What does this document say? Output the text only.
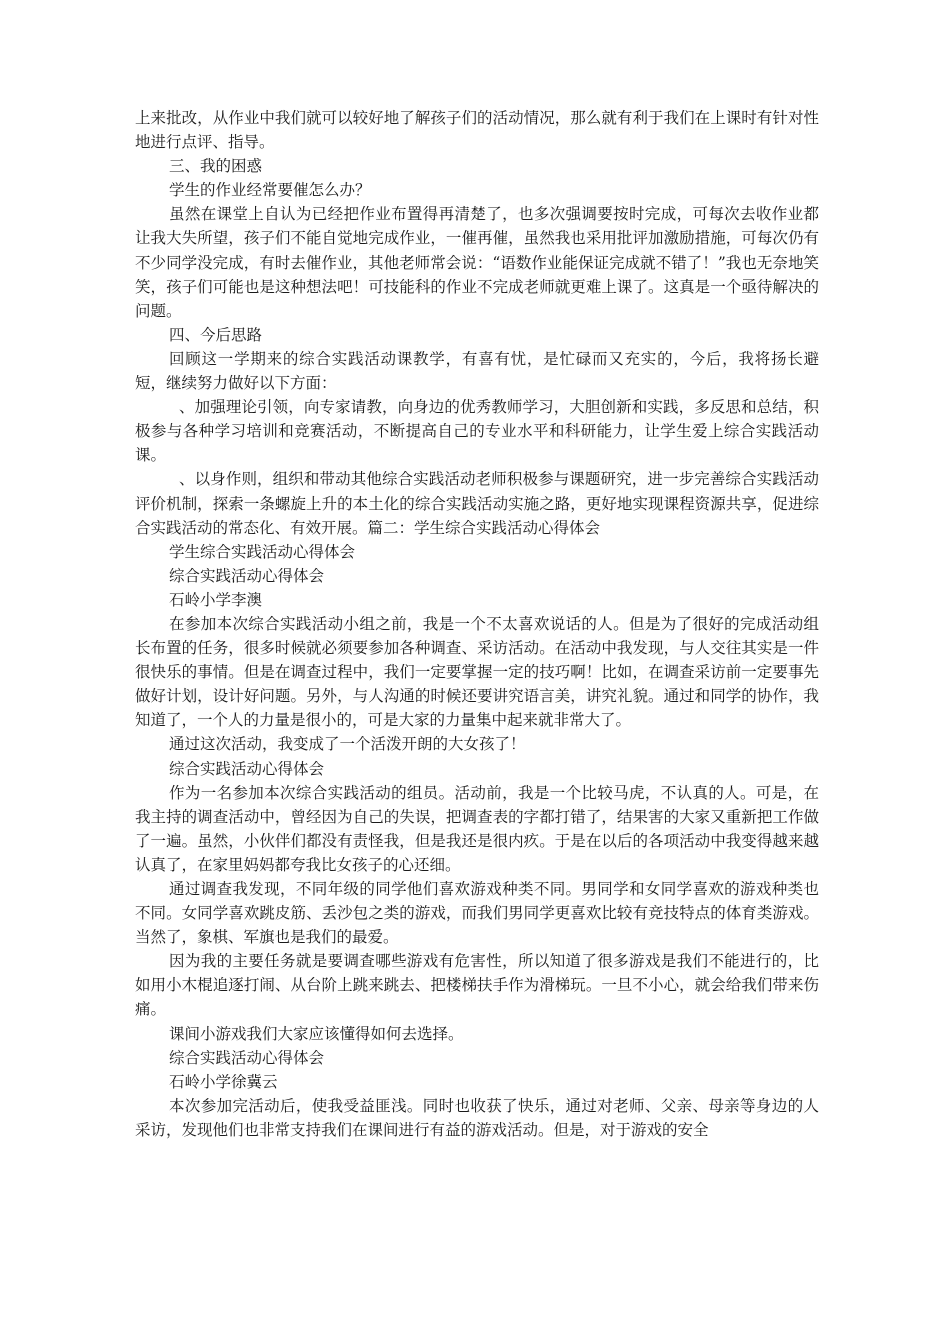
上来批改，从作业中我们就可以较好地了解孩子们的活动情况，那么就有利于我们在上课时有针对性地进行点评、指导。

三、我的困惑

学生的作业经常要催怎么办？

虽然在课堂上自认为已经把作业布置得再清楚了，也多次强调要按时完成，可每次去收作业都让我大失所望，孩子们不能自觉地完成作业，一催再催，虽然我也采用批评加激励措施，可每次仍有不少同学没完成，有时去催作业，其他老师常会说：“语数作业能保证完成就不错了！”我也无奈地笑笑，孩子们可能也是这种想法吧！可技能科的作业不完成老师就更难上课了。这真是一个亟待解决的问题。

四、今后思路

回顾这一学期来的综合实践活动课教学，有喜有忧，是忙碌而又充实的，今后，我将扬长避短，继续努力做好以下方面：

、加强理论引领，向专家请教，向身边的优秀教师学习，大胆创新和实践，多反思和总结，积极参与各种学习培训和竞赛活动，不断提高自己的专业水平和科研能力，让学生爱上综合实践活动课。

、以身作则，组织和带动其他综合实践活动老师积极参与课题研究，进一步完善综合实践活动评价机制，探索一条螺旋上升的本土化的综合实践活动实施之路，更好地实现课程资源共享，促进综合实践活动的常态化、有效开展。篇二：学生综合实践活动心得体会

学生综合实践活动心得体会

综合实践活动心得体会

石岭小学李澳

在参加本次综合实践活动小组之前，我是一个不太喜欢说话的人。但是为了很好的完成活动组长布置的任务，很多时候就必须要参加各种调查、采访活动。在活动中我发现，与人交往其实是一件很快乐的事情。但是在调查过程中，我们一定要掌握一定的技巧啊！比如，在调查采访前一定要事先做好计划，设计好问题。另外，与人沟通的时候还要讲究语言美，讲究礼貌。通过和同学的协作，我知道了，一个人的力量是很小的，可是大家的力量集中起来就非常大了。

通过这次活动，我变成了一个活泼开朗的大女孩了！

综合实践活动心得体会

作为一名参加本次综合实践活动的组员。活动前，我是一个比较马虎，不认真的人。可是，在我主持的调查活动中，曾经因为自己的失误，把调查表的字都打错了，结果害的大家又重新把工作做了一遍。虽然，小伙伴们都没有责怪我，但是我还是很内疚。于是在以后的各项活动中我变得越来越认真了，在家里妈妈都夸我比女孩子的心还细。

通过调查我发现，不同年级的同学他们喜欢游戏种类不同。男同学和女同学喜欢的游戏种类也不同。女同学喜欢跳皮筋、丢沙包之类的游戏，而我们男同学更喜欢比较有竞技特点的体育类游戏。当然了，象棋、军旗也是我们的最爱。

因为我的主要任务就是要调查哪些游戏有危害性，所以知道了很多游戏是我们不能进行的，比如用小木棍追逐打闹、从台阶上跳来跳去、把楼梯扶手作为滑梯玩。一旦不小心，就会给我们带来伤痛。

课间小游戏我们大家应该懂得如何去选择。

综合实践活动心得体会

石岭小学徐冀云

本次参加完活动后，使我受益匪浅。同时也收获了快乐，通过对老师、父亲、母亲等身边的人采访，发现他们也非常支持我们在课间进行有益的游戏活动。但是，对于游戏的安全
